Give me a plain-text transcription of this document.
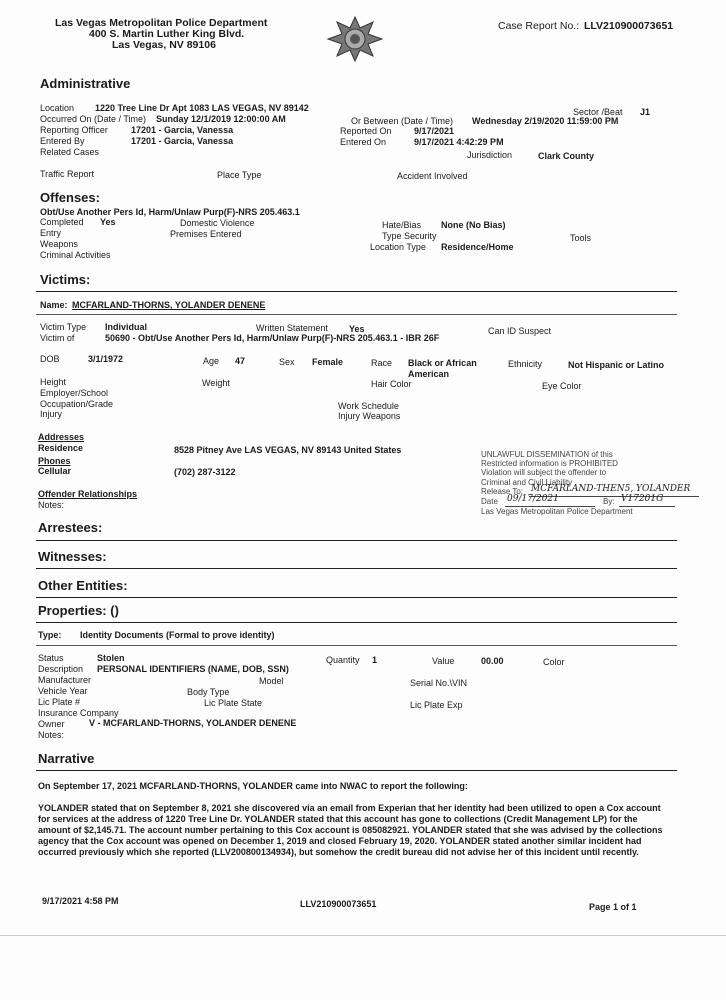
Las Vegas Metropolitan Police Department
400 S. Martin Luther King Blvd.
Las Vegas, NV 89106
Case Report No.: LLV210900073651
Administrative
Location 1220 Tree Line Dr Apt 1083 LAS VEGAS, NV 89142	Sector /Beat J1
Occurred On (Date / Time) Sunday 12/1/2019 12:00:00 AM	Or Between (Date / Time) Wednesday 2/19/2020 11:59:00 PM
Reporting Officer	17201 - Garcia, Vanessa	Reported On 9/17/2021
Entered By	17201 - Garcia, Vanessa	Entered On	9/17/2021 4:42:29 PM
Related Cases	Jurisdiction	Clark County
Traffic Report	Place Type	Accident Involved
Offenses:
Obt/Use Another Pers Id, Harm/Unlaw Purp(F)-NRS 205.463.1
Completed Yes	Domestic Violence	Hate/Bias None (No Bias)
Entry	Premises Entered	Type Security	Tools
Weapons	Location Type Residence/Home
Criminal Activities
Victims:
Name: MCFARLAND-THORNS, YOLANDER DENENE
Victim Type Individual	Written Statement Yes	Can ID Suspect
Victim of	50690 - Obt/Use Another Pers Id, Harm/Unlaw Purp(F)-NRS 205.463.1 - IBR 26F
DOB	3/1/1972	Age 47	Sex Female	Race Black or African
American
Ethnicity	Not Hispanic or Latino
Height	Weight	Hair Color	Eye Color
Employer/School
Occupation/Grade	Work Schedule
Injury	Injury Weapons
Addresses
Residence	8528 Pitney Ave LAS VEGAS, NV 89143 United States
Phones
Cellular	(702) 287-3122
Offender Relationships
Notes:
UNLAWFUL DISSEMINATION of this
Restricted information is PROHIBITED
Violation will subject the offender to
Criminal and Civil Liability
Release To: MCFARLAND-THEN5, YOLANDER
Date 09/17/2021	By: V17201G
Las Vegas Metropolitan Police Department
Arrestees:
Witnesses:
Other Entities:
Properties: ()
Type: Identity Documents (Formal to prove identity)
Status	Stolen	Quantity 1	Value	00.00	Color
Description PERSONAL IDENTIFIERS (NAME, DOB, SSN)
Manufacturer	Model	Serial No.\VIN
Vehicle Year	Body Type
Lic Plate #	Lic Plate State	Lic Plate Exp
Insurance Company
Owner	V - MCFARLAND-THORNS, YOLANDER DENENE
Notes:
Narrative
On September 17, 2021 MCFARLAND-THORNS, YOLANDER came into NWAC to report the following:
YOLANDER stated that on September 8, 2021 she discovered via an email from Experian that her identity had been utilized to open a Cox account
for services at the address of 1220 Tree Line Dr. YOLANDER stated that this account has gone to collections (Credit Management LP) for the
amount of $2,145.71. The account number pertaining to this Cox account is 085082921. YOLANDER stated that she was advised by the collections
agency that the Cox account was opened on December 1, 2019 and closed February 19, 2020. YOLANDER stated another similar incident had
occurred previously which she reported (LLV200800134934), but somehow the credit bureau did not advise her of this incident until recently.
9/17/2021 4:58 PM	LLV210900073651	Page 1 of 1
